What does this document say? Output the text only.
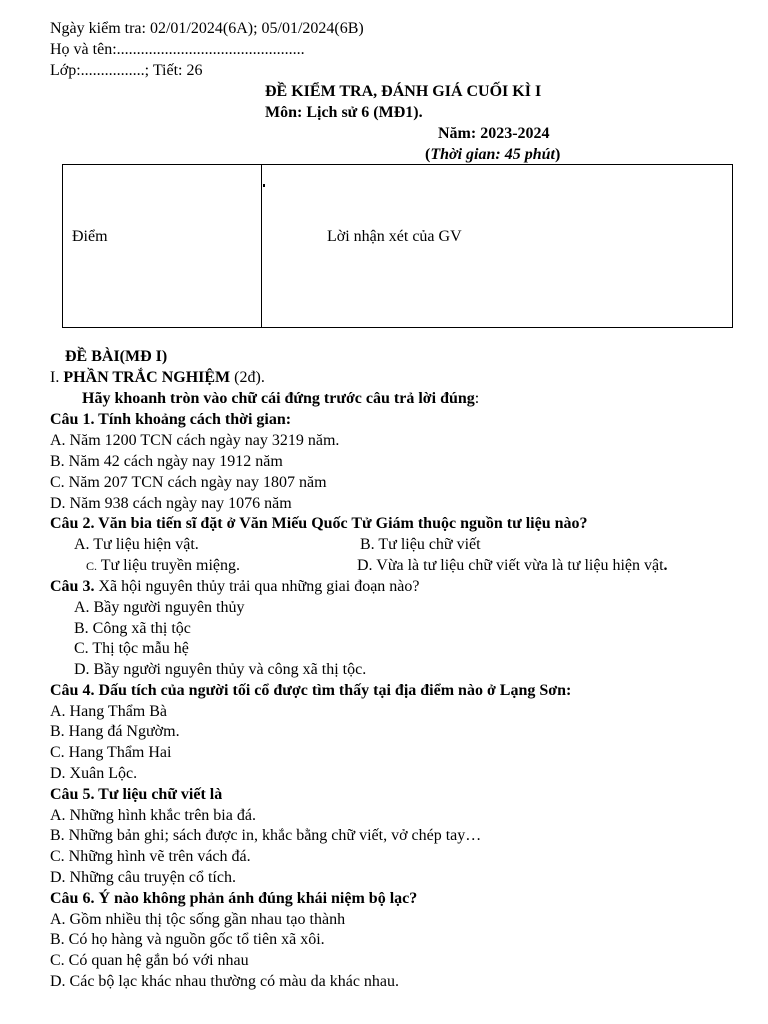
Ngày kiểm tra: 02/01/2024(6A); 05/01/2024(6B)
Họ và tên:...............................................
Lớp:................; Tiết: 26
ĐỀ KIỂM TRA, ĐÁNH GIÁ CUỐI KÌ I
Môn: Lịch sử 6 (MĐ1).
Năm: 2023-2024
(Thời gian: 45 phút)
Điểm	Lời nhận xét của GV
ĐỀ BÀI(MĐ I)
I. PHẦN TRẮC NGHIỆM (2đ).
Hãy khoanh tròn vào chữ cái đứng trước câu trả lời đúng:
Câu 1. Tính khoảng cách thời gian:
A. Năm 1200 TCN cách ngày nay 3219 năm.
B. Năm 42 cách ngày nay 1912 năm
C. Năm 207 TCN cách ngày nay 1807 năm
D. Năm 938 cách ngày nay 1076 năm
Câu 2. Văn bia tiến sĩ đặt ở Văn Miếu Quốc Tử Giám thuộc nguồn tư liệu nào?
A. Tư liệu hiện vật.	B. Tư liệu chữ viết
C. Tư liệu truyền miệng.	D. Vừa là tư liệu chữ viết vừa là tư liệu hiện vật.
Câu 3. Xã hội nguyên thủy trải qua những giai đoạn nào?
A. Bầy người nguyên thủy
B. Công xã thị tộc
C. Thị tộc mẫu hệ
D. Bầy người nguyên thủy và công xã thị tộc.
Câu 4. Dấu tích của người tối cổ được tìm thấy tại địa điểm nào ở Lạng Sơn:
A. Hang Thẩm Bà
B. Hang đá Ngườm.
C. Hang Thẩm Hai
D. Xuân Lộc.
Câu 5. Tư liệu chữ viết là
A. Những hình khắc trên bia đá.
B. Những bản ghi; sách được in, khắc bằng chữ viết, vở chép tay…
C. Những hình vẽ trên vách đá.
D. Những câu truyện cổ tích.
Câu 6. Ý nào không phản ánh đúng khái niệm bộ lạc?
A. Gồm nhiều thị tộc sống gần nhau tạo thành
B. Có họ hàng và nguồn gốc tổ tiên xã xôi.
C. Có quan hệ gắn bó với nhau
D. Các bộ lạc khác nhau thường có màu da khác nhau.
